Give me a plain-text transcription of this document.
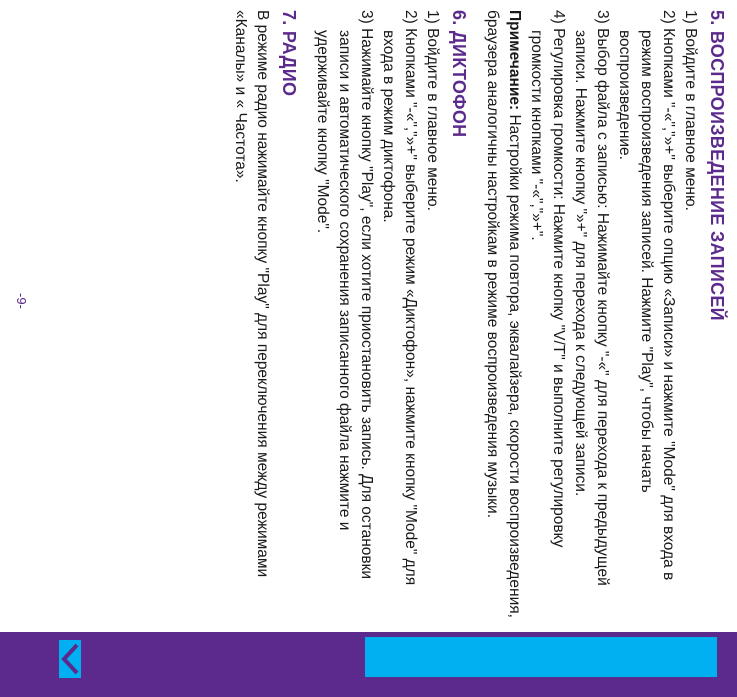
5. ВОСПРОИЗВЕДЕНИЕ ЗАПИСЕЙ

1) Войдите в главное меню.

2) Кнопками "-«","»+" выберите опцию «Записи» и нажмите "Mode" для входа в режим воспроизведения записей. Нажмите "Play", чтобы начать воспроизведение.

3) Выбор файла с записью: Нажимайте кнопку "-«" для перехода к предыдущей записи. Нажмите кнопку "»+" для перехода к следующей записи.

4) Регулировка громкости: Нажмите кнопку "V/T" и выполните регулировку громкости кнопками "-«","»+".

Примечание: Настройки режима повтора, эквалайзера, скорости воспроизведения, браузера аналогичны настройкам в режиме воспроизведения музыки.

6. ДИКТОФОН

1) Войдите в главное меню.

2) Кнопками "-«","»+" выберите режим «Диктофон», нажмите кнопку "Mode" для входа в режим диктофона.

3) Нажимайте кнопку "Play", если хотите приостановить запись. Для остановки записи и автоматического сохранения записанного файла нажмите и удерживайте кнопку "Mode".

7. РАДИО

В режиме радио нажимайте кнопку "Play" для переключения между режимами «Каналы» и « Частота».

-9-
